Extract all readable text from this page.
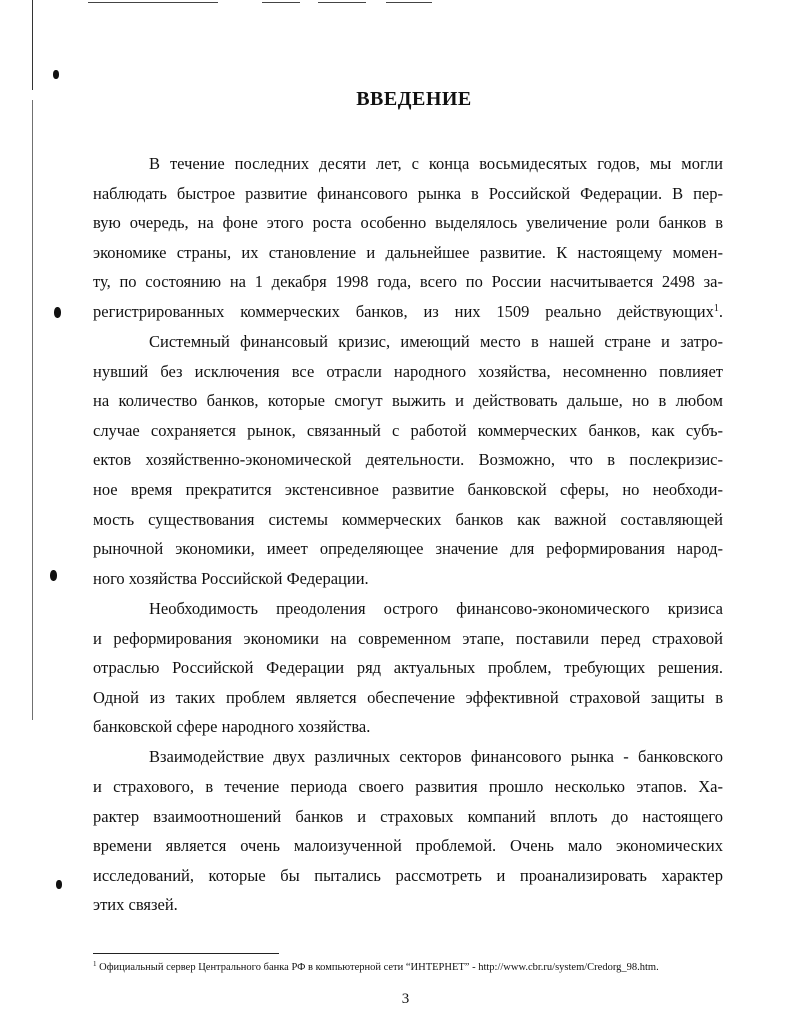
ВВЕДЕНИЕ
В течение последних десяти лет, с конца восьмидесятых годов, мы могли
наблюдать быстрое развитие финансового рынка в Российской Федерации. В пер-
вую очередь, на фоне этого роста особенно выделялось увеличение роли банков в
экономике страны, их становление и дальнейшее развитие. К настоящему момен-
ту, по состоянию на 1 декабря 1998 года, всего по России насчитывается 2498 за-
регистрированных коммерческих банков, из них 1509 реально действующих$^1$.
Системный финансовый кризис, имеющий место в нашей стране и затро-
нувший без исключения все отрасли народного хозяйства, несомненно повлияет
на количество банков, которые смогут выжить и действовать дальше, но в любом
случае сохраняется рынок, связанный с работой коммерческих банков, как субъ-
ектов хозяйственно-экономической деятельности. Возможно, что в послекризис-
ное время прекратится экстенсивное развитие банковской сферы, но необходи-
мость существования системы коммерческих банков как важной составляющей
рыночной экономики, имеет определяющее значение для реформирования народ-
ного хозяйства Российской Федерации.
Необходимость преодоления острого финансово-экономического кризиса
и реформирования экономики на современном этапе, поставили перед страховой
отраслью Российской Федерации ряд актуальных проблем, требующих решения.
Одной из таких проблем является обеспечение эффективной страховой защиты в
банковской сфере народного хозяйства.
Взаимодействие двух различных секторов финансового рынка - банковского
и страхового, в течение периода своего развития прошло несколько этапов. Ха-
рактер взаимоотношений банков и страховых компаний вплоть до настоящего
времени является очень малоизученной проблемой. Очень мало экономических
исследований, которые бы пытались рассмотреть и проанализировать характер
этих связей.
$^1$ Официальный сервер Центрального банка РФ в компьютерной сети “ИНТЕРНЕТ” - http://www.cbr.ru/system/Credorg_98.htm.
3
